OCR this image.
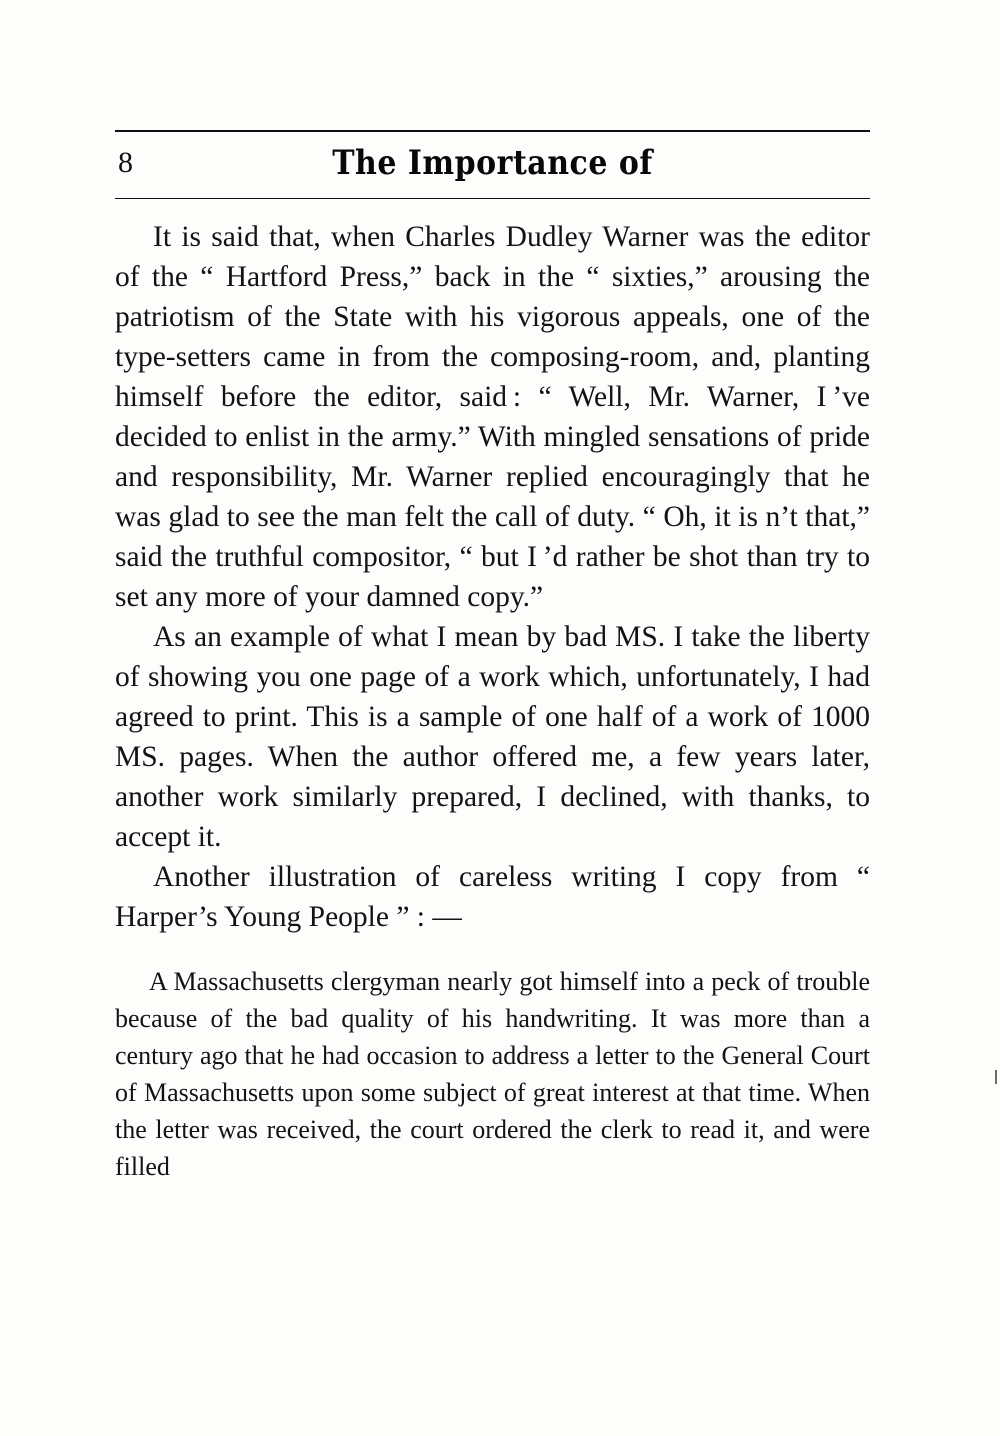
8	The Importance of

It is said that, when Charles Dudley Warner was the editor of the “ Hartford Press,” back in the “ sixties,” arousing the patriotism of the State with his vigorous appeals, one of the type-setters came in from the composing-room, and, planting himself before the editor, said : “ Well, Mr. Warner, I ’ve decided to enlist in the army.” With mingled sensations of pride and responsibility, Mr. Warner replied encouragingly that he was glad to see the man felt the call of duty. “ Oh, it is n’t that,” said the truthful compositor, “ but I ’d rather be shot than try to set any more of your damned copy.”

As an example of what I mean by bad MS. I take the liberty of showing you one page of a work which, unfortunately, I had agreed to print. This is a sample of one half of a work of 1000 MS. pages. When the author offered me, a few years later, another work similarly prepared, I declined, with thanks, to accept it.

Another illustration of careless writing I copy from “ Harper’s Young People ” : —

A Massachusetts clergyman nearly got himself into a peck of trouble because of the bad quality of his handwriting. It was more than a century ago that he had occasion to address a letter to the General Court of Massachusetts upon some subject of great interest at that time. When the letter was received, the court ordered the clerk to read it, and were filled
